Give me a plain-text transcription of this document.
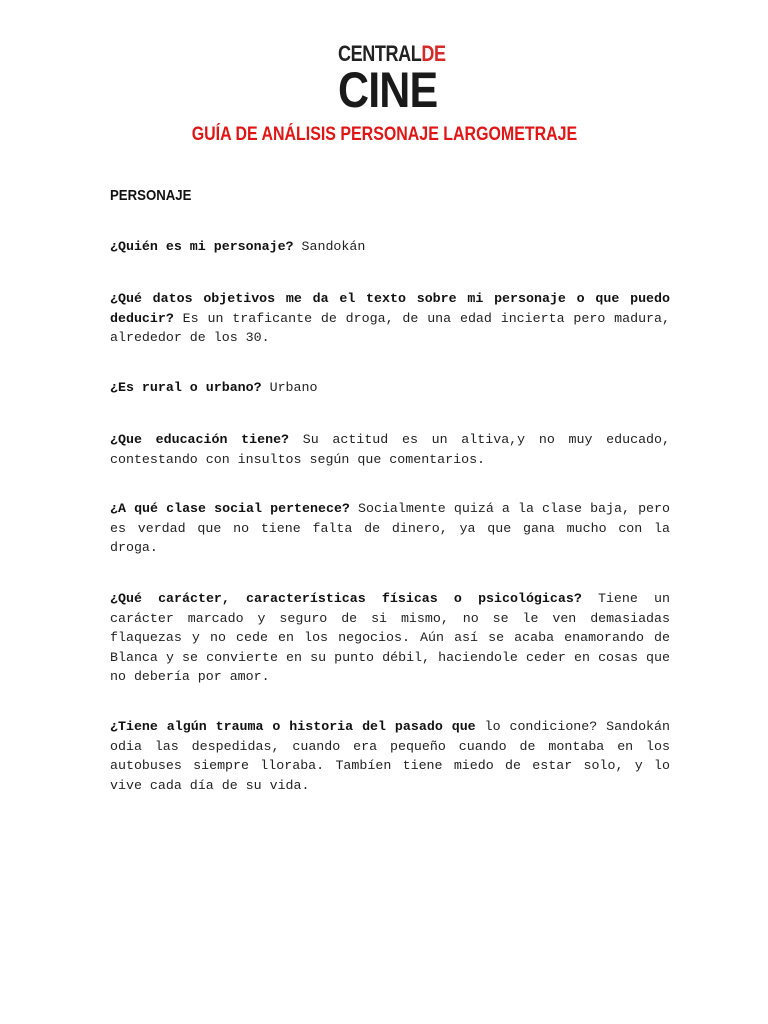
CENTRALDE
CINE
GUÍA DE ANÁLISIS PERSONAJE LARGOMETRAJE
PERSONAJE
¿Quién es mi personaje? Sandokán
¿Qué datos objetivos me da el texto sobre mi personaje o que puedo deducir? Es un traficante de droga, de una edad incierta pero madura, alrededor de los 30.
¿Es rural o urbano? Urbano
¿Que educación tiene? Su actitud es un altiva,y no muy educado, contestando con insultos según que comentarios.
¿A qué clase social pertenece? Socialmente quizá a la clase baja, pero es verdad que no tiene falta de dinero, ya que gana mucho con la droga.
¿Qué carácter, características físicas o psicológicas? Tiene un carácter marcado y seguro de si mismo, no se le ven demasiadas flaquezas y no cede en los negocios. Aún así se acaba enamorando de Blanca y se convierte en su punto débil, haciendole ceder en cosas que no debería por amor.
¿Tiene algún trauma o historia del pasado que lo condicione? Sandokán odia las despedidas, cuando era pequeño cuando de montaba en los autobuses siempre lloraba. Tambíen tiene miedo de estar solo, y lo vive cada día de su vida.
